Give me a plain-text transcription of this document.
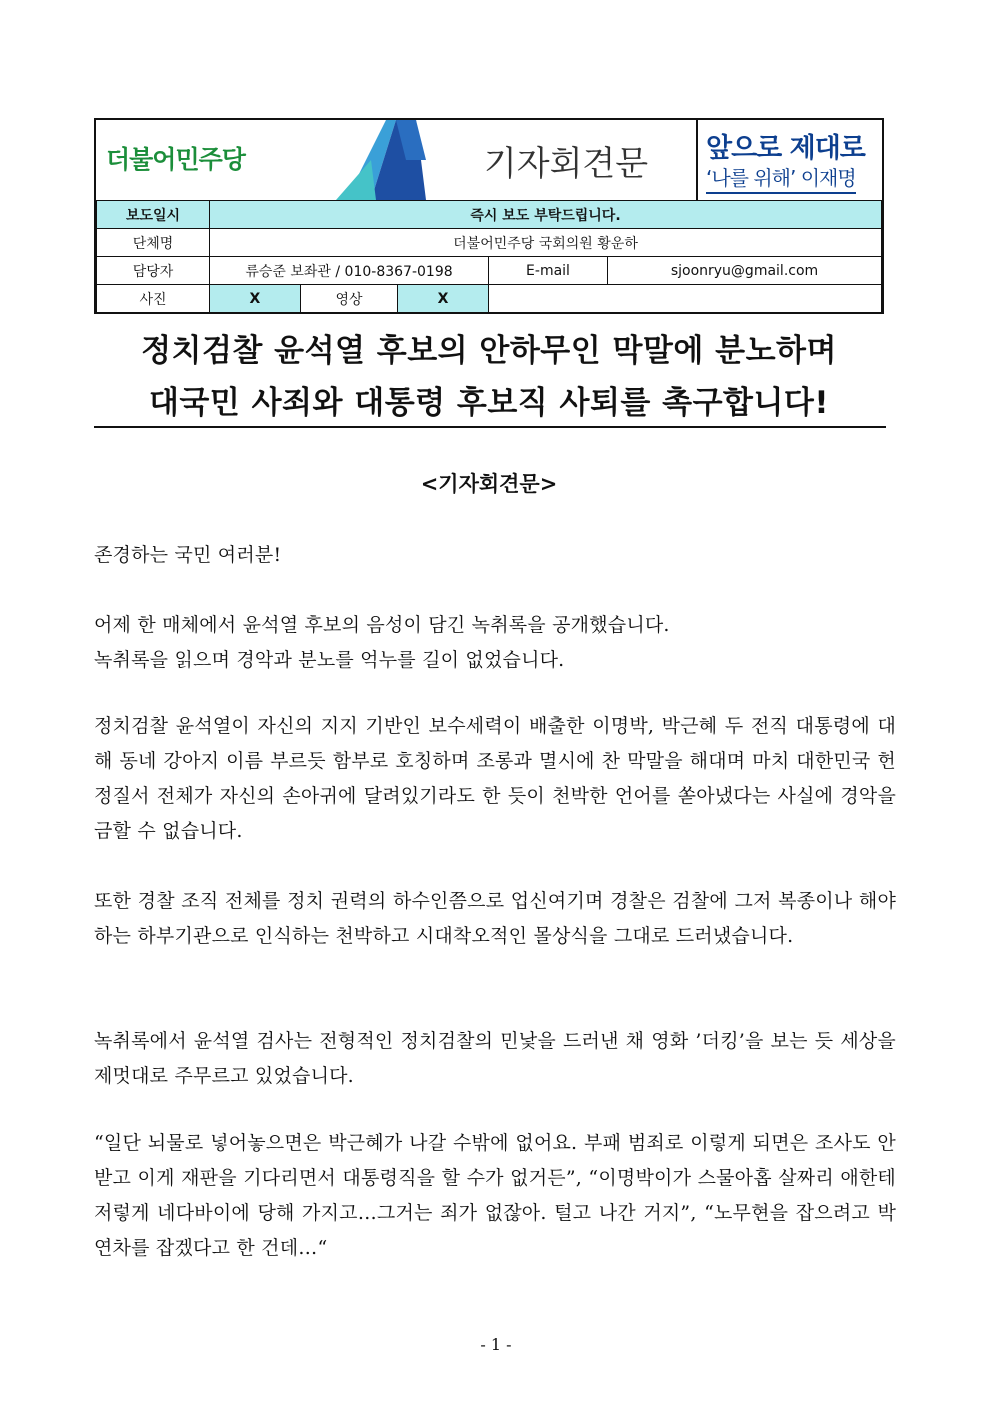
더불어민주당	기자회견문	앞으로 제대로
‘나를 위해’ 이재명
보도일시	즉시 보도 부탁드립니다.				
단체명	더불어민주당 국회의원 황운하				
담당자	류승준 보좌관 / 010-8367-0198			E-mail	sjoonryu@gmail.com
사진	X	영상	X		
정치검찰 윤석열 후보의 안하무인 막말에 분노하며
대국민 사죄와 대통령 후보직 사퇴를 촉구합니다!
<기자회견문>
존경하는 국민 여러분!
어제 한 매체에서 윤석열 후보의 음성이 담긴 녹취록을 공개했습니다.
녹취록을 읽으며 경악과 분노를 억누를 길이 없었습니다.
정치검찰 윤석열이 자신의 지지 기반인 보수세력이 배출한 이명박, 박근혜 두 전직 대통령에 대해 동네 강아지 이름 부르듯 함부로 호칭하며 조롱과 멸시에 찬 막말을 해대며 마치 대한민국 헌정질서 전체가 자신의 손아귀에 달려있기라도 한 듯이 천박한 언어를 쏟아냈다는 사실에 경악을 금할 수 없습니다.
또한 경찰 조직 전체를 정치 권력의 하수인쯤으로 업신여기며 경찰은 검찰에 그저 복종이나 해야하는 하부기관으로 인식하는 천박하고 시대착오적인 몰상식을 그대로 드러냈습니다.
녹취록에서 윤석열 검사는 전형적인 정치검찰의 민낯을 드러낸 채 영화 ’더킹’을 보는 듯 세상을 제멋대로 주무르고 있었습니다.
“일단 뇌물로 넣어놓으면은 박근혜가 나갈 수밖에 없어요. 부패 범죄로 이렇게 되면은 조사도 안 받고 이게 재판을 기다리면서 대통령직을 할 수가 없거든”, “이명박이가 스물아홉 살짜리 애한테 저렇게 네다바이에 당해 가지고…그거는 죄가 없잖아. 털고 나간 거지”, “노무현을 잡으려고 박연차를 잡겠다고 한 건데…“
- 1 -
